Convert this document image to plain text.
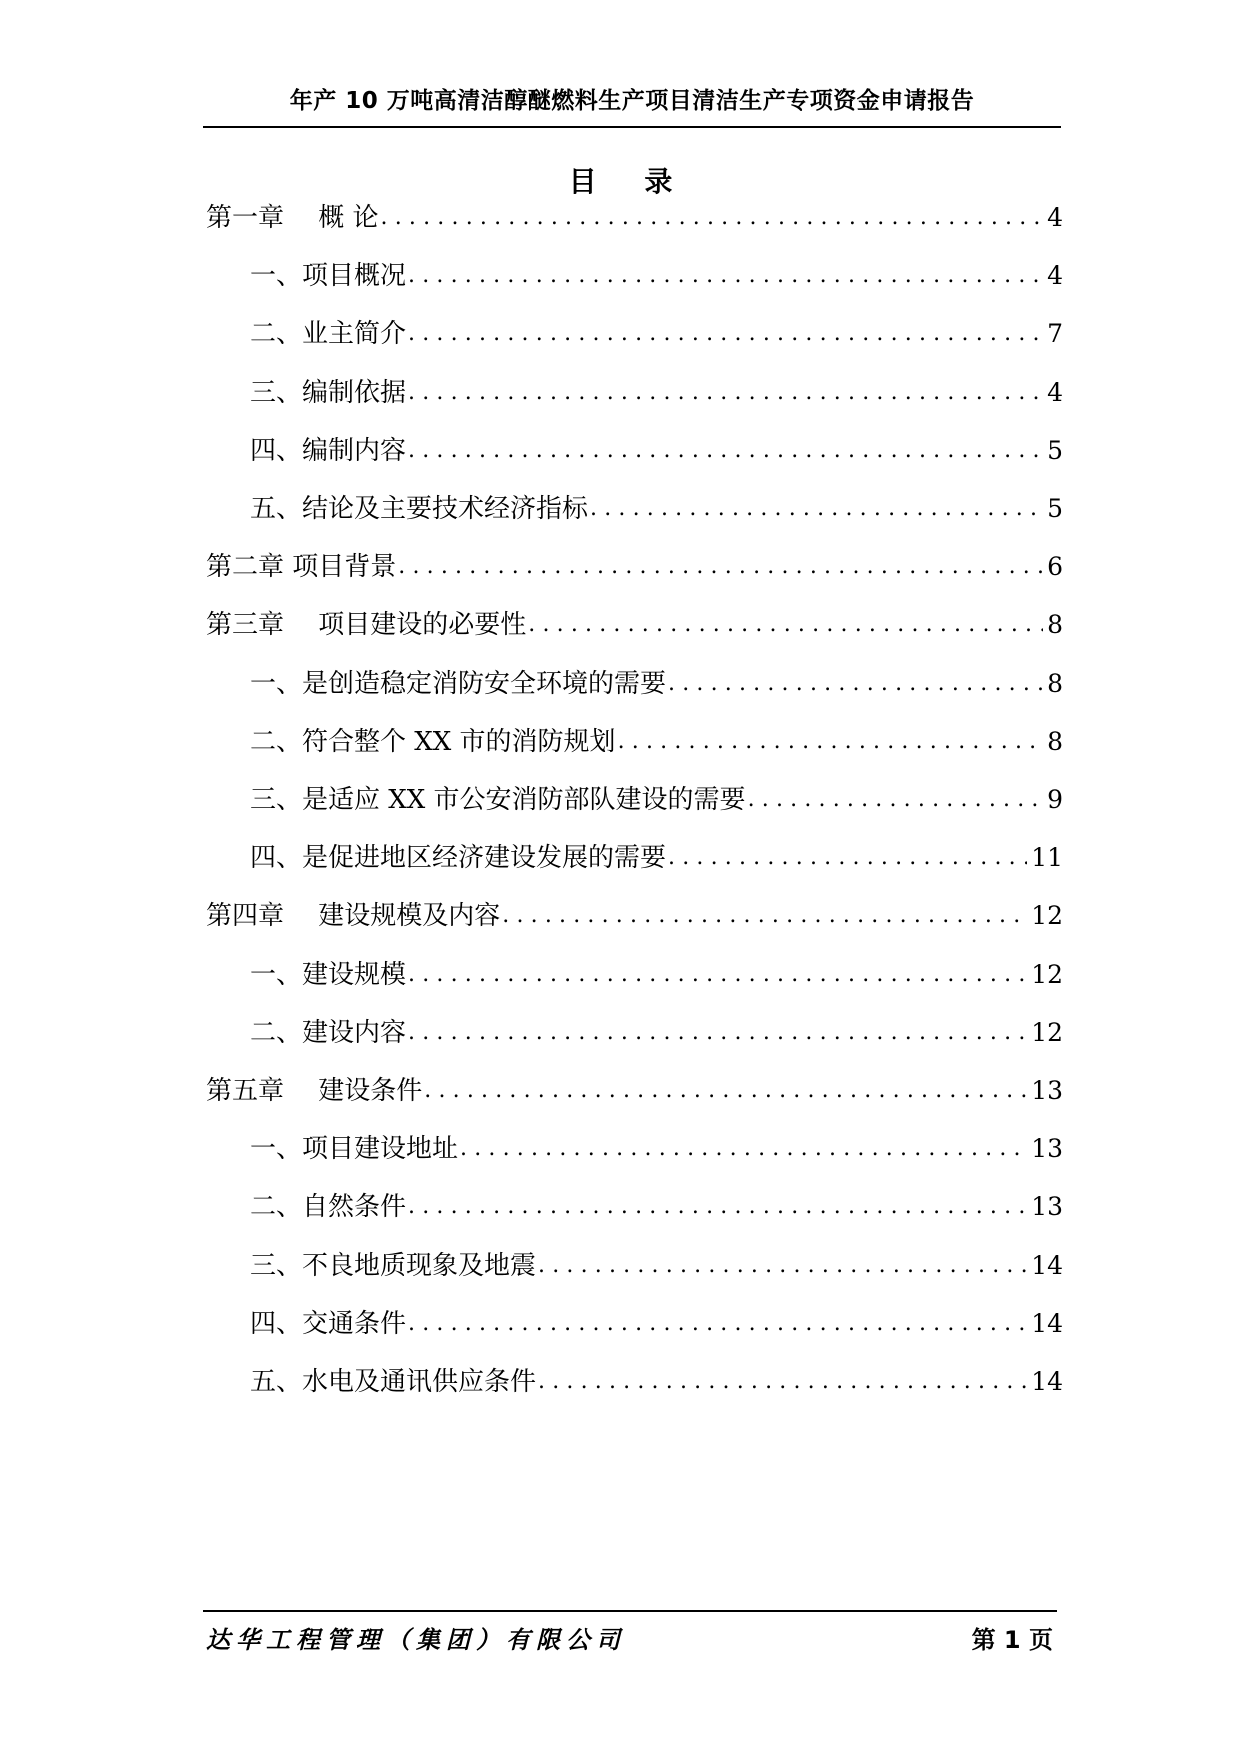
年产 10 万吨高清洁醇醚燃料生产项目清洁生产专项资金申请报告
目 录
第一章　 概 论 .....	4
一、项目概况 .....	4
二、业主简介 .....	7
三、编制依据 .....	4
四、编制内容 .....	5
五、结论及主要技术经济指标 .....	5
第二章 项目背景 .....	6
第三章　 项目建设的必要性 .....	8
一、是创造稳定消防安全环境的需要 .....	8
二、符合整个 XX 市的消防规划 .....	8
三、是适应 XX 市公安消防部队建设的需要 .....	9
四、是促进地区经济建设发展的需要 .....	11
第四章　 建设规模及内容 .....	12
一、建设规模 .....	12
二、建设内容 .....	12
第五章　 建设条件 .....	13
一、项目建设地址 .....	13
二、自然条件 .....	13
三、不良地质现象及地震 .....	14
四、交通条件 .....	14
五、水电及通讯供应条件 .....	14
达华工程管理（集团）有限公司	第 1 页
